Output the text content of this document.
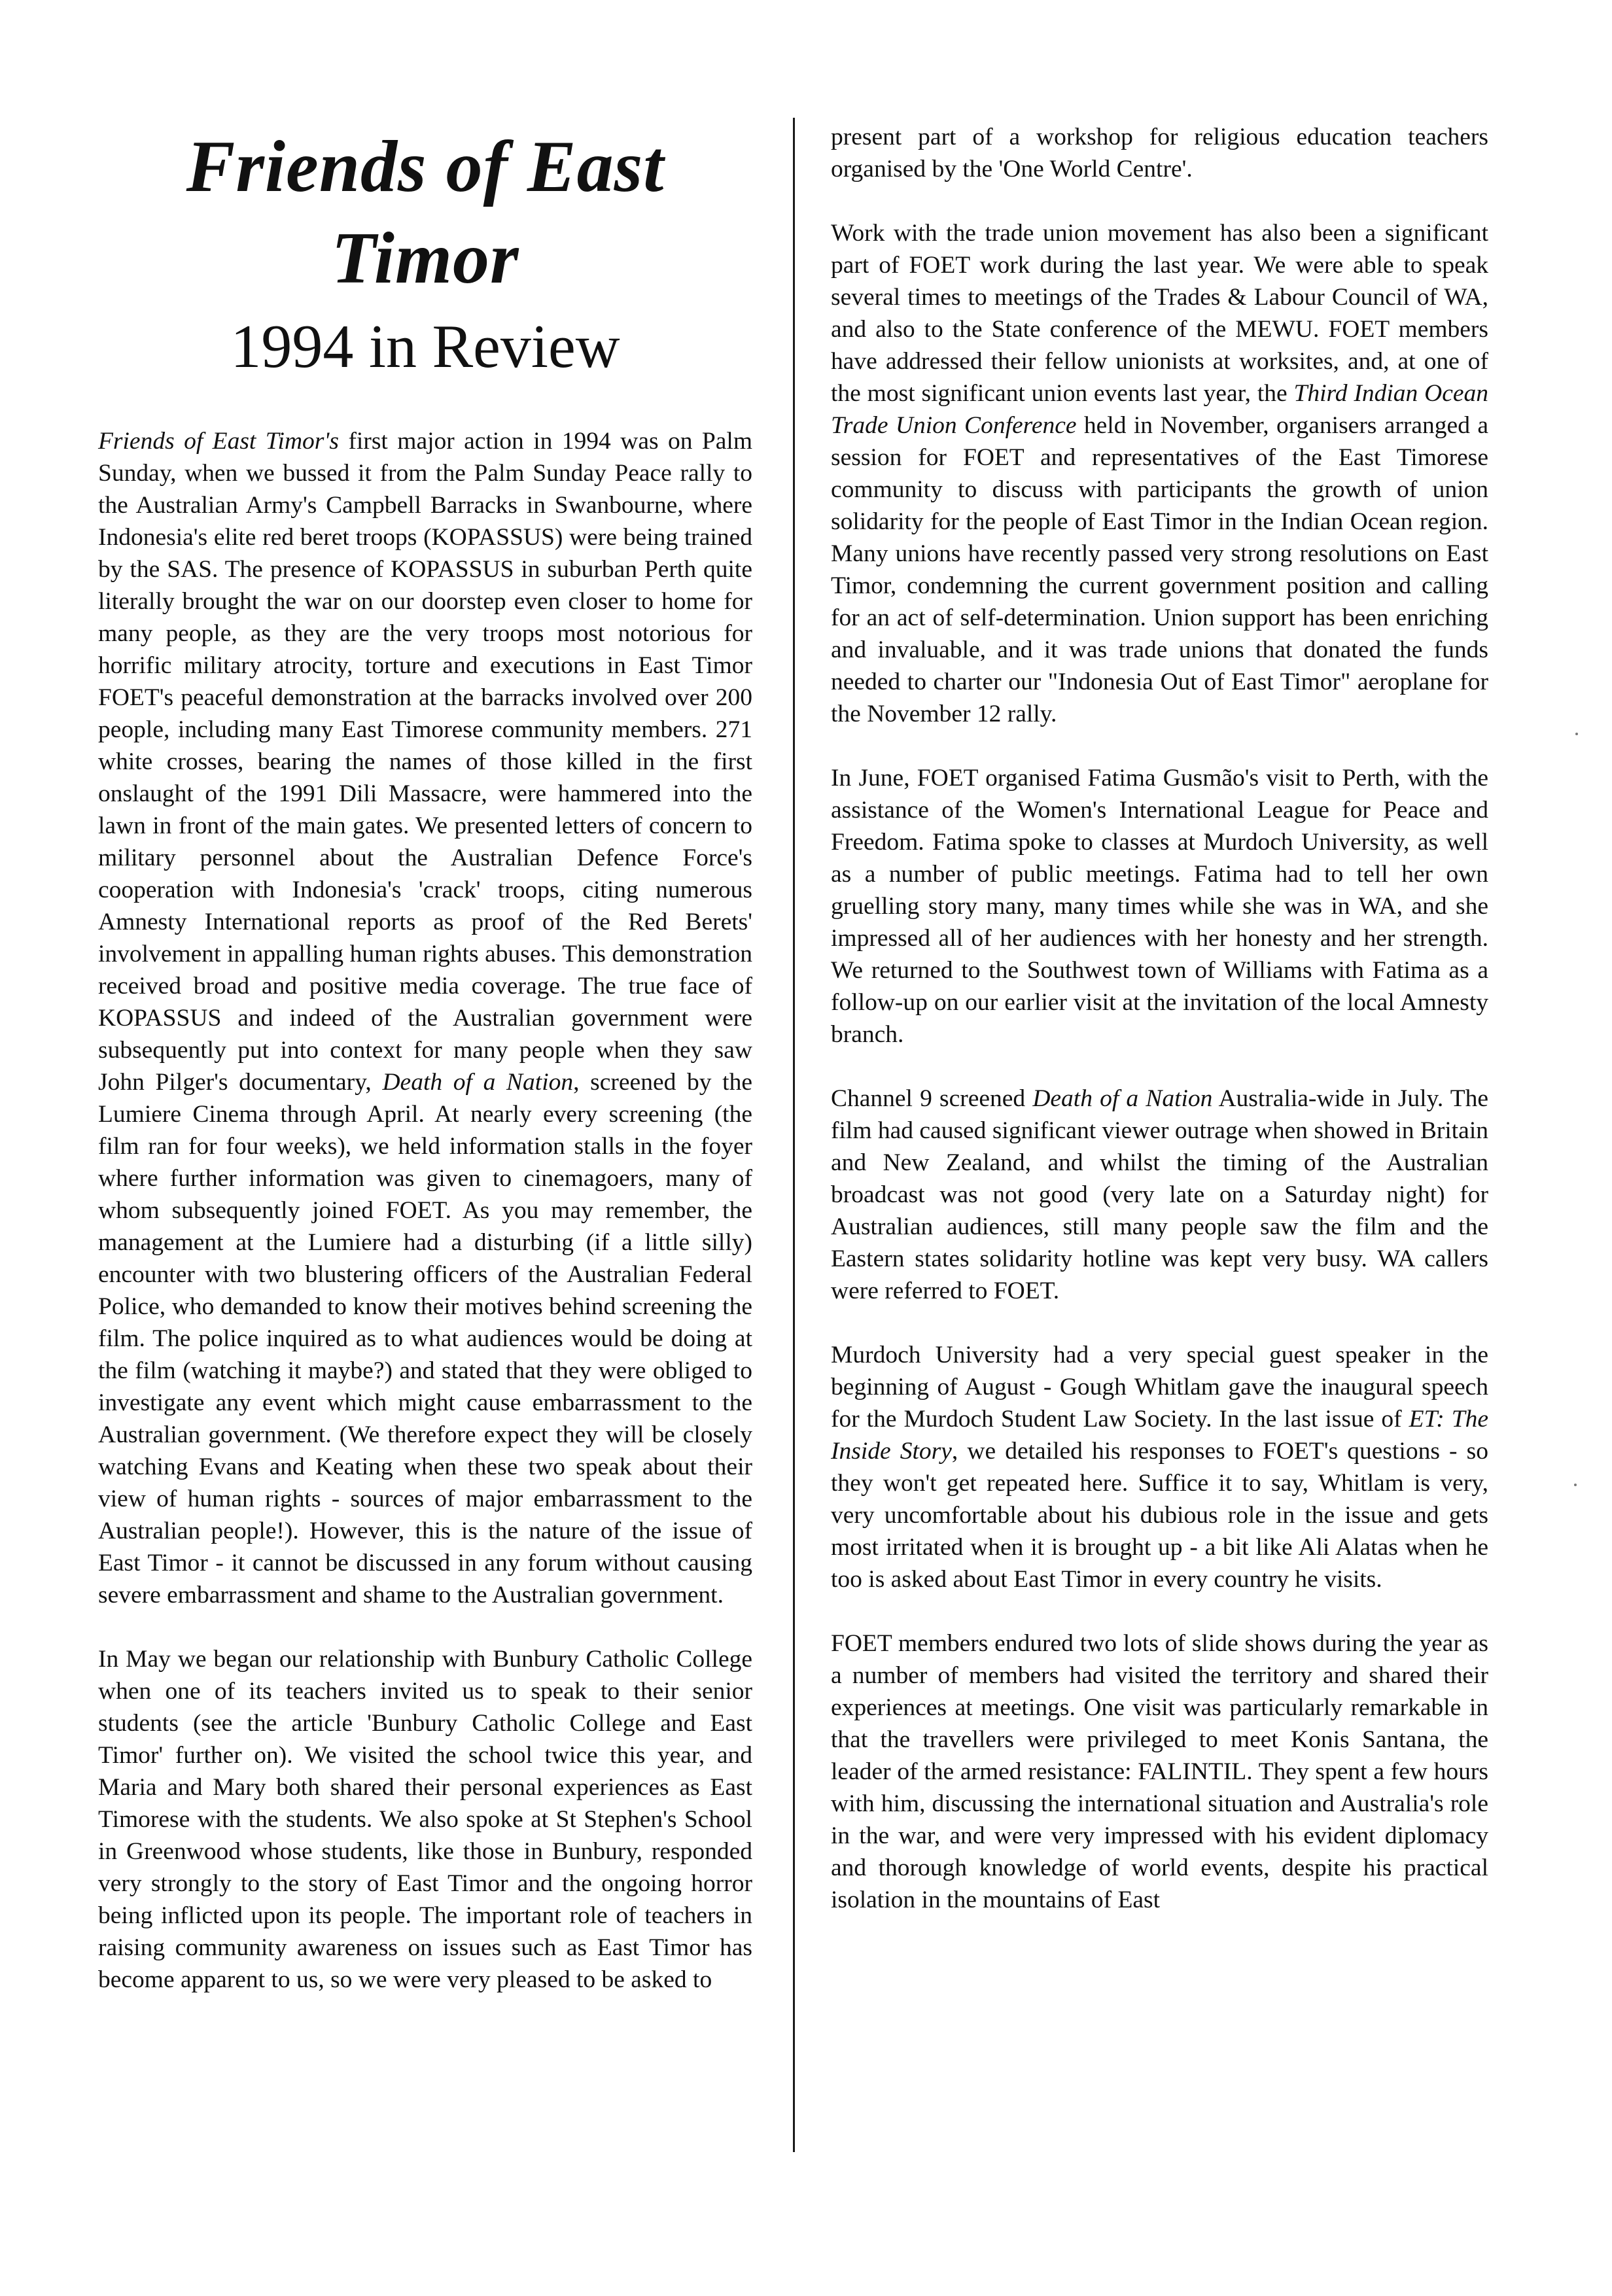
Friends of East Timor
1994 in Review

Friends of East Timor's first major action in 1994 was on Palm Sunday, when we bussed it from the Palm Sunday Peace rally to the Australian Army's Campbell Barracks in Swanbourne, where Indonesia's elite red beret troops (KOPASSUS) were being trained by the SAS. The presence of KOPASSUS in suburban Perth quite literally brought the war on our doorstep even closer to home for many people, as they are the very troops most notorious for horrific military atrocity, torture and executions in East Timor FOET's peaceful demonstration at the barracks involved over 200 people, including many East Timorese community members. 271 white crosses, bearing the names of those killed in the first onslaught of the 1991 Dili Massacre, were hammered into the lawn in front of the main gates. We presented letters of concern to military personnel about the Australian Defence Force's cooperation with Indonesia's 'crack' troops, citing numerous Amnesty International reports as proof of the Red Berets' involvement in appalling human rights abuses. This demonstration received broad and positive media coverage. The true face of KOPASSUS and indeed of the Australian government were subsequently put into context for many people when they saw John Pilger's documentary, Death of a Nation, screened by the Lumiere Cinema through April. At nearly every screening (the film ran for four weeks), we held information stalls in the foyer where further information was given to cinemagoers, many of whom subsequently joined FOET. As you may remember, the management at the Lumiere had a disturbing (if a little silly) encounter with two blustering officers of the Australian Federal Police, who demanded to know their motives behind screening the film. The police inquired as to what audiences would be doing at the film (watching it maybe?) and stated that they were obliged to investigate any event which might cause embarrassment to the Australian government. (We therefore expect they will be closely watching Evans and Keating when these two speak about their view of human rights - sources of major embarrassment to the Australian people!). However, this is the nature of the issue of East Timor - it cannot be discussed in any forum without causing severe embarrassment and shame to the Australian government.

In May we began our relationship with Bunbury Catholic College when one of its teachers invited us to speak to their senior students (see the article 'Bunbury Catholic College and East Timor' further on). We visited the school twice this year, and Maria and Mary both shared their personal experiences as East Timorese with the students. We also spoke at St Stephen's School in Greenwood whose students, like those in Bunbury, responded very strongly to the story of East Timor and the ongoing horror being inflicted upon its people. The important role of teachers in raising community awareness on issues such as East Timor has become apparent to us, so we were very pleased to be asked to

present part of a workshop for religious education teachers organised by the 'One World Centre'.

Work with the trade union movement has also been a significant part of FOET work during the last year. We were able to speak several times to meetings of the Trades & Labour Council of WA, and also to the State conference of the MEWU. FOET members have addressed their fellow unionists at worksites, and, at one of the most significant union events last year, the Third Indian Ocean Trade Union Conference held in November, organisers arranged a session for FOET and representatives of the East Timorese community to discuss with participants the growth of union solidarity for the people of East Timor in the Indian Ocean region. Many unions have recently passed very strong resolutions on East Timor, condemning the current government position and calling for an act of self-determination. Union support has been enriching and invaluable, and it was trade unions that donated the funds needed to charter our "Indonesia Out of East Timor" aeroplane for the November 12 rally.

In June, FOET organised Fatima Gusmão's visit to Perth, with the assistance of the Women's International League for Peace and Freedom. Fatima spoke to classes at Murdoch University, as well as a number of public meetings. Fatima had to tell her own gruelling story many, many times while she was in WA, and she impressed all of her audiences with her honesty and her strength. We returned to the Southwest town of Williams with Fatima as a follow-up on our earlier visit at the invitation of the local Amnesty branch.

Channel 9 screened Death of a Nation Australia-wide in July. The film had caused significant viewer outrage when showed in Britain and New Zealand, and whilst the timing of the Australian broadcast was not good (very late on a Saturday night) for Australian audiences, still many people saw the film and the Eastern states solidarity hotline was kept very busy. WA callers were referred to FOET.

Murdoch University had a very special guest speaker in the beginning of August - Gough Whitlam gave the inaugural speech for the Murdoch Student Law Society. In the last issue of ET: The Inside Story, we detailed his responses to FOET's questions - so they won't get repeated here. Suffice it to say, Whitlam is very, very uncomfortable about his dubious role in the issue and gets most irritated when it is brought up - a bit like Ali Alatas when he too is asked about East Timor in every country he visits.

FOET members endured two lots of slide shows during the year as a number of members had visited the territory and shared their experiences at meetings. One visit was particularly remarkable in that the travellers were privileged to meet Konis Santana, the leader of the armed resistance: FALINTIL. They spent a few hours with him, discussing the international situation and Australia's role in the war, and were very impressed with his evident diplomacy and thorough knowledge of world events, despite his practical isolation in the mountains of East
